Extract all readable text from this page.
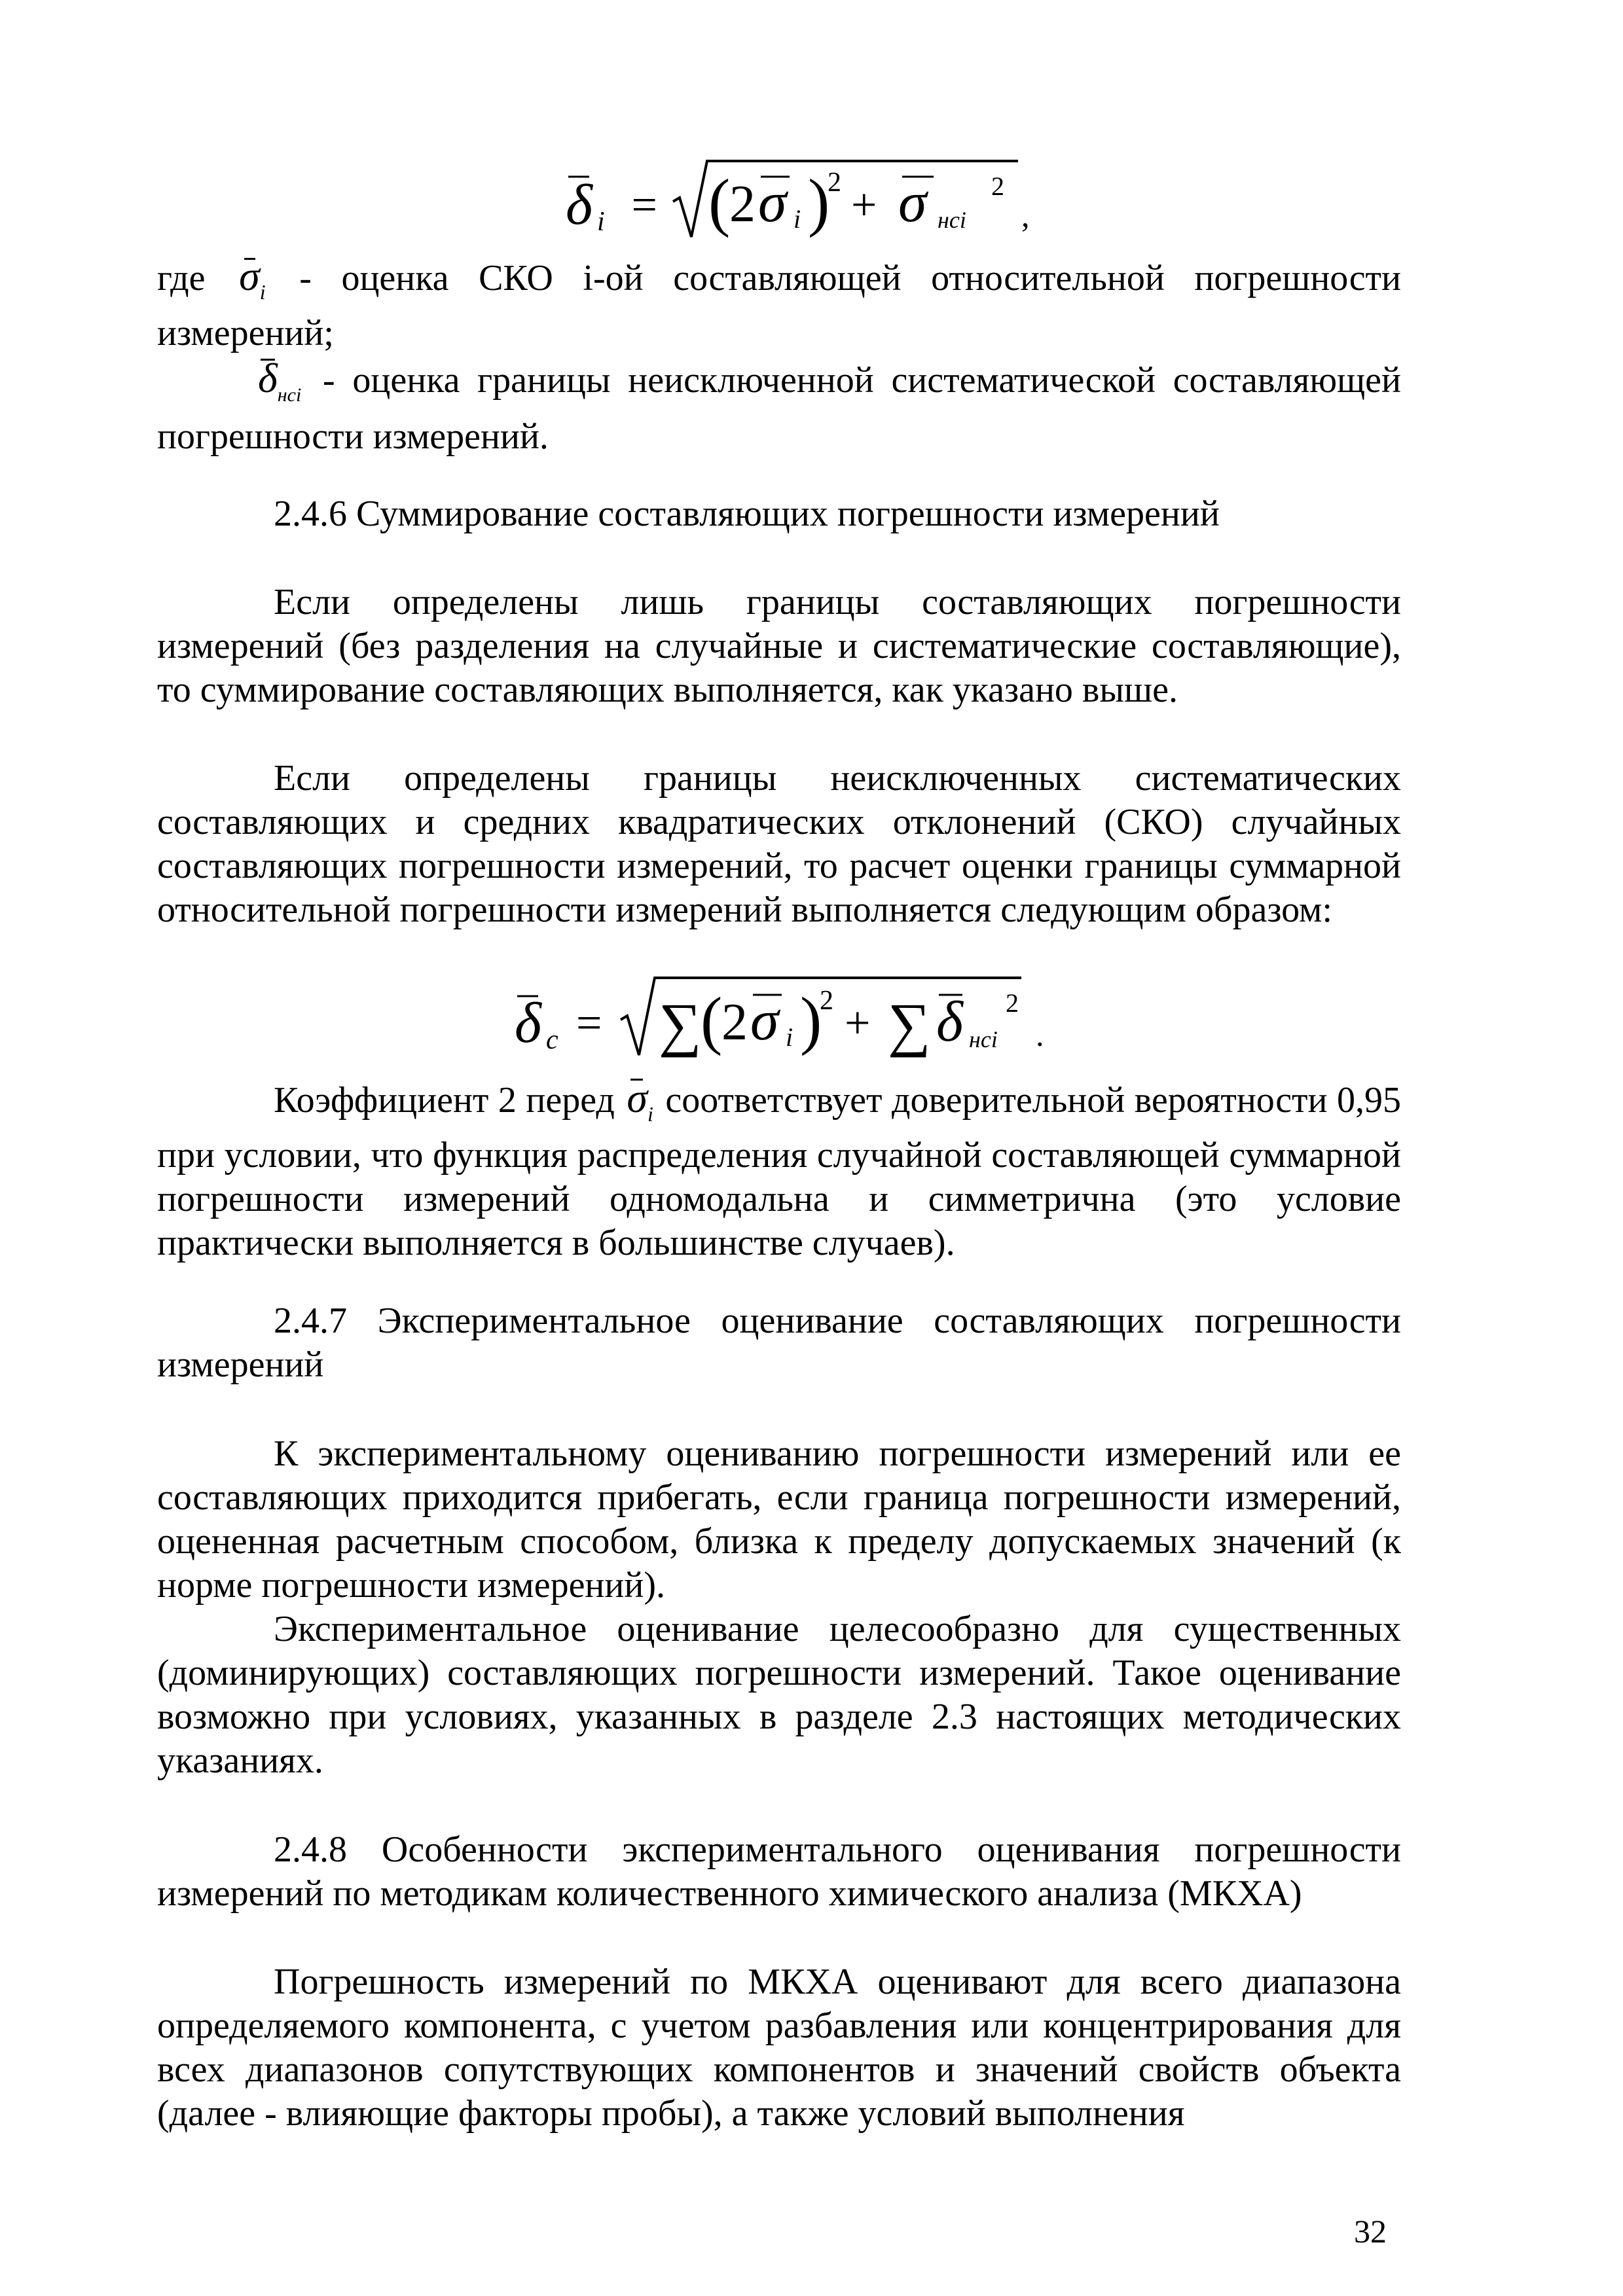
δ i = (
2 σ i )
2 + σ нсі
2
,
где $\sigma_i$ - оценка СКО i-ой составляющей относительной погрешности измерений;
$\delta_{нсі}$ - оценка границы неисключенной систематической составляющей погрешности измерений.
2.4.6 Суммирование составляющих погрешности измерений
Если определены лишь границы составляющих погрешности измерений (без разделения на случайные и систематические составляющие), то суммирование составляющих выполняется, как указано выше.
Если определены границы неисключенных систематических составляющих и средних квадратических отклонений (СКО) случайных составляющих погрешности измерений, то расчет оценки границы суммарной относительной погрешности измерений выполняется следующим образом:
δ c = ∑
(
2 σ i )
2 + ∑ δ нсі
2
.
Коэффициент 2 перед $\sigma_i$ соответствует доверительной вероятности 0,95 при условии, что функция распределения случайной составляющей суммарной погрешности измерений одномодальна и симметрична (это условие практически выполняется в большинстве случаев).
2.4.7 Экспериментальное оценивание составляющих погрешности измерений
К экспериментальному оцениванию погрешности измерений или ее составляющих приходится прибегать, если граница погрешности измерений, оцененная расчетным способом, близка к пределу допускаемых значений (к норме погрешности измерений).
Экспериментальное оценивание целесообразно для существенных (доминирующих) составляющих погрешности измерений. Такое оценивание возможно при условиях, указанных в разделе 2.3 настоящих методических указаниях.
2.4.8 Особенности экспериментального оценивания погрешности измерений по методикам количественного химического анализа (МКХА)
Погрешность измерений по МКХА оценивают для всего диапазона определяемого компонента, с учетом разбавления или концентрирования для всех диапазонов сопутствующих компонентов и значений свойств объекта (далее - влияющие факторы пробы), а также условий выполнения
32
